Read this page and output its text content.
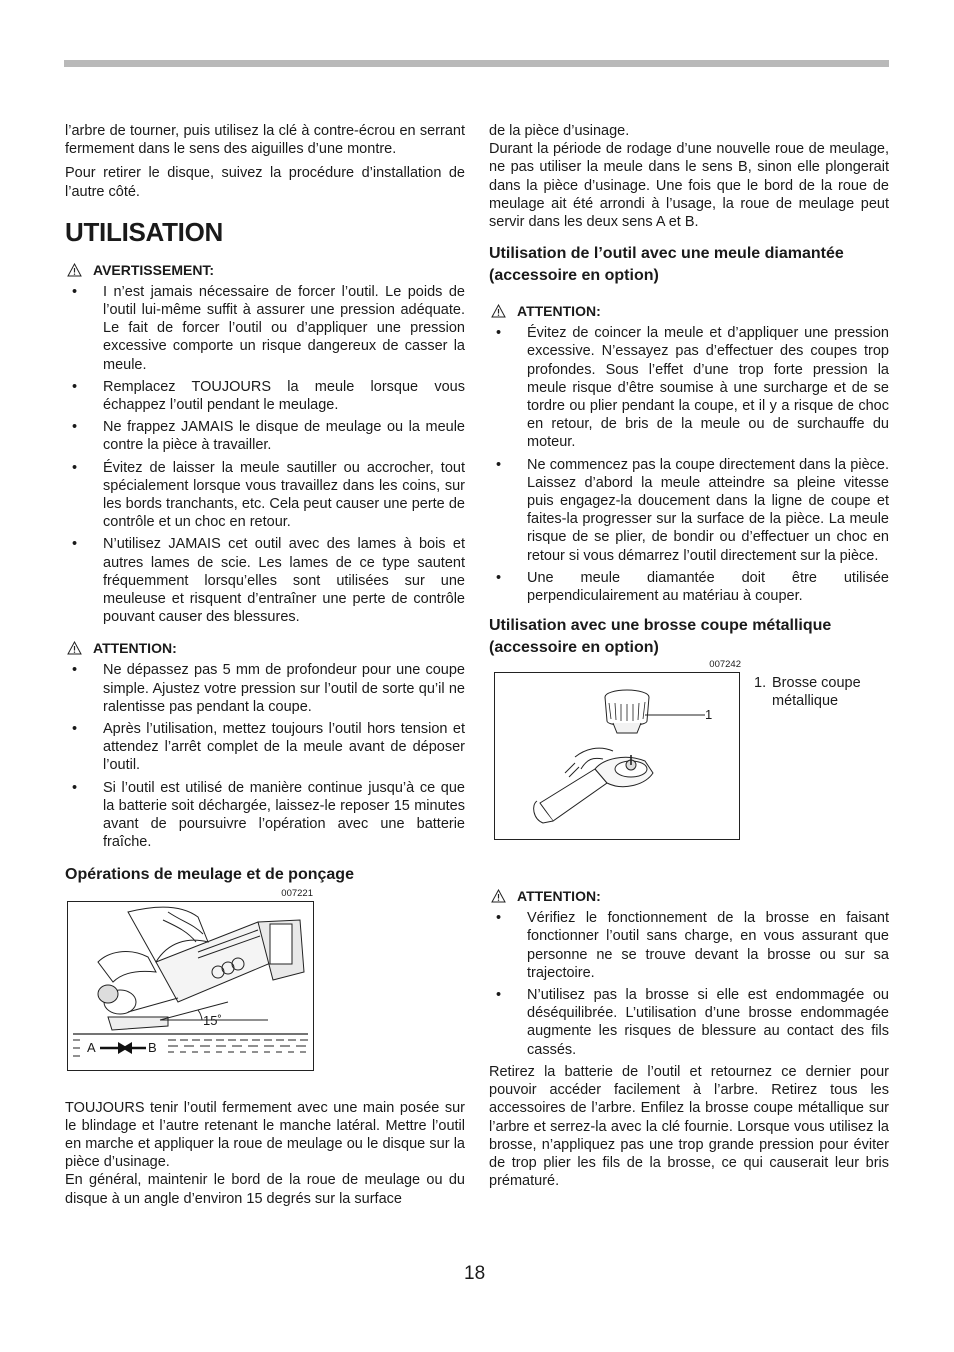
l’arbre de tourner, puis utilisez la clé à contre-écrou en serrant fermement dans le sens des aiguilles d’une montre.

Pour retirer le disque, suivez la procédure d’installation de l’autre côté.

UTILISATION
AVERTISSEMENT:
• I n’est jamais nécessaire de forcer l’outil. Le poids de l’outil lui-même suffit à assurer une pression adéquate. Le fait de forcer l’outil ou d’appliquer une pression excessive comporte un risque dangereux de casser la meule.
• Remplacez TOUJOURS la meule lorsque vous échappez l’outil pendant le meulage.
• Ne frappez JAMAIS le disque de meulage ou la meule contre la pièce à travailler.
• Évitez de laisser la meule sautiller ou accrocher, tout spécialement lorsque vous travaillez dans les coins, sur les bords tranchants, etc. Cela peut causer une perte de contrôle et un choc en retour.
• N’utilisez JAMAIS cet outil avec des lames à bois et autres lames de scie. Les lames de ce type sautent fréquemment lorsqu’elles sont utilisées sur une meuleuse et risquent d’entraîner une perte de contrôle pouvant causer des blessures.
ATTENTION:
• Ne dépassez pas 5 mm de profondeur pour une coupe simple. Ajustez votre pression sur l’outil de sorte qu’il ne ralentisse pas pendant la coupe.
• Après l’utilisation, mettez toujours l’outil hors tension et attendez l’arrêt complet de la meule avant de déposer l’outil.
• Si l’outil est utilisé de manière continue jusqu’à ce que la batterie soit déchargée, laissez-le reposer 15 minutes avant de poursuivre l’opération avec une batterie fraîche.
Opérations de meulage et de ponçage
007221
15˚
A	B

TOUJOURS tenir l’outil fermement avec une main posée sur le blindage et l’autre retenant le manche latéral. Mettre l’outil en marche et appliquer la roue de meulage ou le disque sur la pièce d’usinage.

En général, maintenir le bord de la roue de meulage ou du disque à un angle d’environ 15 degrés sur la surface

de la pièce d’usinage.

Durant la période de rodage d’une nouvelle roue de meulage, ne pas utiliser la meule dans le sens B, sinon elle plongerait dans la pièce d’usinage. Une fois que le bord de la roue de meulage ait été arrondi à l’usage, la roue de meulage peut servir dans les deux sens A et B.

Utilisation de l’outil avec une meule diamantée (accessoire en option)
ATTENTION:
• Évitez de coincer la meule et d’appliquer une pression excessive. N’essayez pas d’effectuer des coupes trop profondes. Sous l’effet d’une trop forte pression la meule risque d’être soumise à une surcharge et de se tordre ou plier pendant la coupe, et il y a risque de choc en retour, de bris de la meule ou de surchauffe du moteur.
• Ne commencez pas la coupe directement dans la pièce. Laissez d’abord la meule atteindre sa pleine vitesse puis engagez-la doucement dans la ligne de coupe et faites-la progresser sur la surface de la pièce. La meule risque de se plier, de bondir ou d’effectuer un choc en retour si vous démarrez l’outil directement sur la pièce.
• Une meule diamantée doit être utilisée perpendiculairement au matériau à couper.
Utilisation avec une brosse coupe métallique (accessoire en option)
007242
1
1. Brosse coupe
métallique
ATTENTION:
• Vérifiez le fonctionnement de la brosse en faisant fonctionner l’outil sans charge, en vous assurant que personne ne se trouve devant la brosse ou sur sa trajectoire.
• N’utilisez pas la brosse si elle est endommagée ou déséquilibrée. L’utilisation d’une brosse endommagée augmente les risques de blessure au contact des fils cassés.

Retirez la batterie de l’outil et retournez ce dernier pour pouvoir accéder facilement à l’arbre. Retirez tous les accessoires de l’arbre. Enfilez la brosse coupe métallique sur l’arbre et serrez-la avec la clé fournie. Lorsque vous utilisez la brosse, n’appliquez pas une trop grande pression pour éviter de trop plier les fils de la brosse, ce qui causerait leur bris prématuré.

18
